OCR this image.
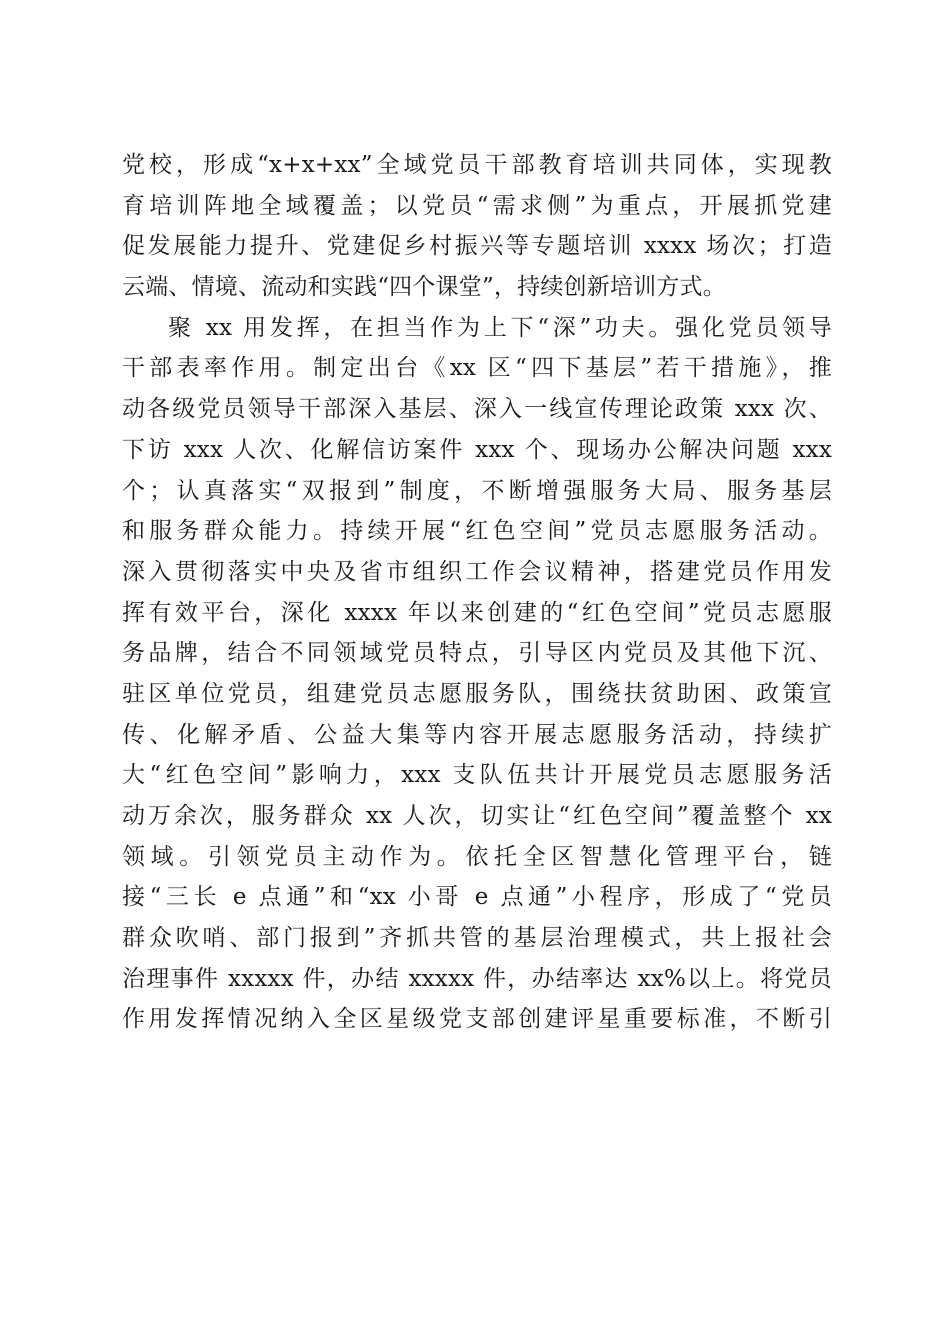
党校，形成“x+x+xx”全域党员干部教育培训共同体，实现教
育培训阵地全域覆盖；以党员“需求侧”为重点，开展抓党建
促发展能力提升、党建促乡村振兴等专题培训 xxxx 场次；打造
云端、情境、流动和实践“四个课堂”，持续创新培训方式。
聚 xx 用发挥，在担当作为上下“深”功夫。强化党员领导
干部表率作用。制定出台《xx 区“四下基层”若干措施》，推
动各级党员领导干部深入基层、深入一线宣传理论政策 xxx 次、
下访 xxx 人次、化解信访案件 xxx 个、现场办公解决问题 xxx
个；认真落实“双报到”制度，不断增强服务大局、服务基层
和服务群众能力。持续开展“红色空间”党员志愿服务活动。
深入贯彻落实中央及省市组织工作会议精神，搭建党员作用发
挥有效平台，深化 xxxx 年以来创建的“红色空间”党员志愿服
务品牌，结合不同领域党员特点，引导区内党员及其他下沉、
驻区单位党员，组建党员志愿服务队，围绕扶贫助困、政策宣
传、化解矛盾、公益大集等内容开展志愿服务活动，持续扩
大“红色空间”影响力，xxx 支队伍共计开展党员志愿服务活
动万余次，服务群众 xx 人次，切实让“红色空间”覆盖整个 xx
领域。引领党员主动作为。依托全区智慧化管理平台，链
接“三长 e 点通”和“xx 小哥 e 点通”小程序，形成了“党员
群众吹哨、部门报到”齐抓共管的基层治理模式，共上报社会
治理事件 xxxxx 件，办结 xxxxx 件，办结率达 xx%以上。将党员
作用发挥情况纳入全区星级党支部创建评星重要标准，不断引
